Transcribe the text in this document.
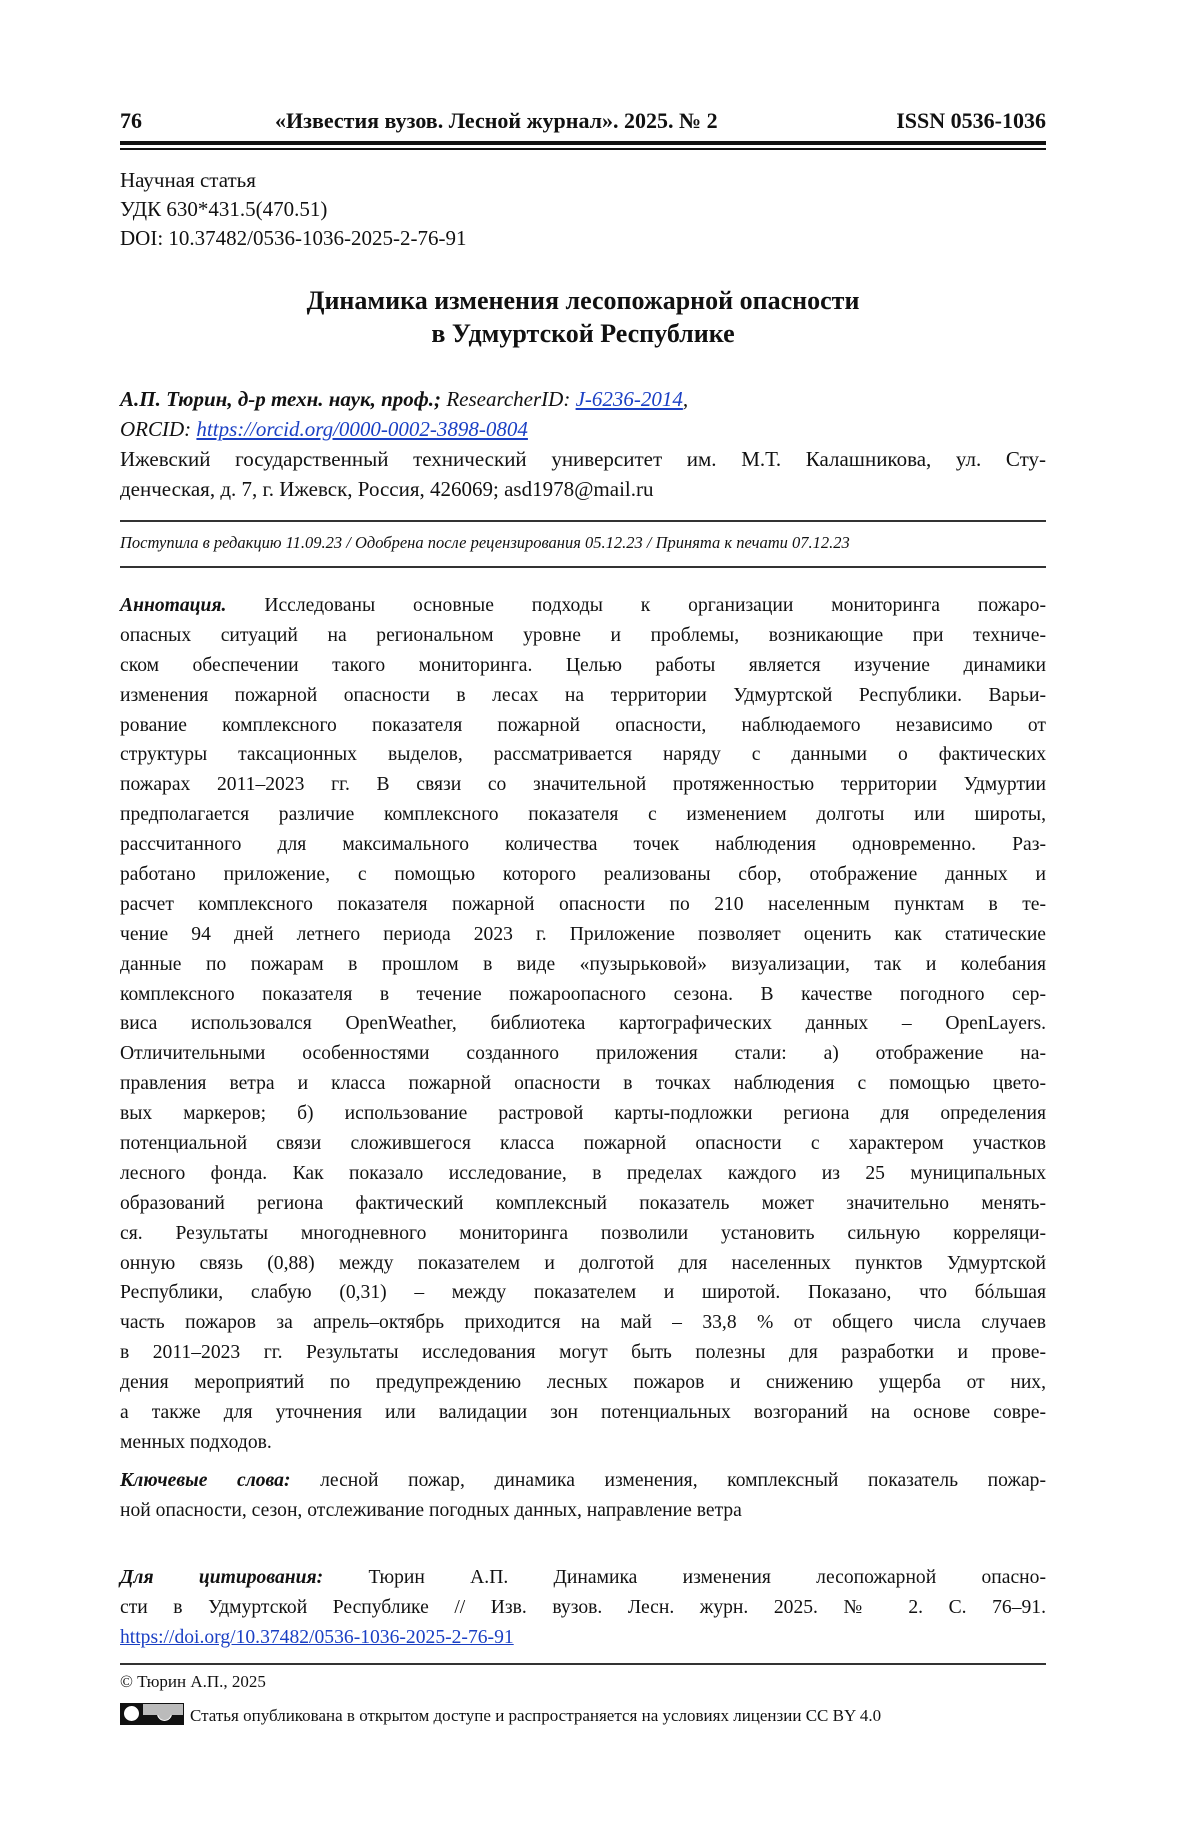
76	«Известия вузов. Лесной журнал». 2025. № 2	ISSN 0536-1036
Научная статья
УДК 630*431.5(470.51)
DOI: 10.37482/0536-1036-2025-2-76-91
Динамика изменения лесопожарной опасности
в Удмуртской Республике
А.П. Тюрин, д-р техн. наук, проф.; ResearcherID: J-6236-2014,
ORCID: https://orcid.org/0000-0002-3898-0804
Ижевский государственный технический университет им. М.Т. Калашникова, ул. Сту-
денческая, д. 7, г. Ижевск, Россия, 426069; asd1978@mail.ru
Поступила в редакцию 11.09.23 / Одобрена после рецензирования 05.12.23 / Принята к печати 07.12.23
Аннотация. Исследованы основные подходы к организации мониторинга пожаро-
опасных ситуаций на региональном уровне и проблемы, возникающие при техниче-
ском обеспечении такого мониторинга. Целью работы является изучение динамики
изменения пожарной опасности в лесах на территории Удмуртской Республики. Варьи-
рование комплексного показателя пожарной опасности, наблюдаемого независимо от
структуры таксационных выделов, рассматривается наряду с данными о фактических
пожарах 2011–2023 гг. В связи со значительной протяженностью территории Удмуртии
предполагается различие комплексного показателя с изменением долготы или широты,
рассчитанного для максимального количества точек наблюдения одновременно. Раз-
работано приложение, с помощью которого реализованы сбор, отображение данных и
расчет комплексного показателя пожарной опасности по 210 населенным пунктам в те-
чение 94 дней летнего периода 2023 г. Приложение позволяет оценить как статические
данные по пожарам в прошлом в виде «пузырьковой» визуализации, так и колебания
комплексного показателя в течение пожароопасного сезона. В качестве погодного сер-
виса использовался OpenWeather, библиотека картографических данных – OpenLayers.
Отличительными особенностями созданного приложения стали: а) отображение на-
правления ветра и класса пожарной опасности в точках наблюдения с помощью цвето-
вых маркеров; б) использование растровой карты-подложки региона для определения
потенциальной связи сложившегося класса пожарной опасности с характером участков
лесного фонда. Как показало исследование, в пределах каждого из 25 муниципальных
образований региона фактический комплексный показатель может значительно менять-
ся. Результаты многодневного мониторинга позволили установить сильную корреляци-
онную связь (0,88) между показателем и долготой для населенных пунктов Удмуртской
Республики, слабую (0,31) – между показателем и широтой. Показано, что бóльшая
часть пожаров за апрель–октябрь приходится на май – 33,8 % от общего числа случаев
в 2011–2023 гг. Результаты исследования могут быть полезны для разработки и прове-
дения мероприятий по предупреждению лесных пожаров и снижению ущерба от них,
а также для уточнения или валидации зон потенциальных возгораний на основе совре-
менных подходов.
Ключевые слова: лесной пожар, динамика изменения, комплексный показатель пожар-
ной опасности, сезон, отслеживание погодных данных, направление ветра
Для цитирования: Тюрин А.П. Динамика изменения лесопожарной опасно-
сти в Удмуртской Республике // Изв. вузов. Лесн. журн. 2025. № 2. С. 76–91.
https://doi.org/10.37482/0536-1036-2025-2-76-91
© Тюрин А.П., 2025
Статья опубликована в открытом доступе и распространяется на условиях лицензии CC BY 4.0
